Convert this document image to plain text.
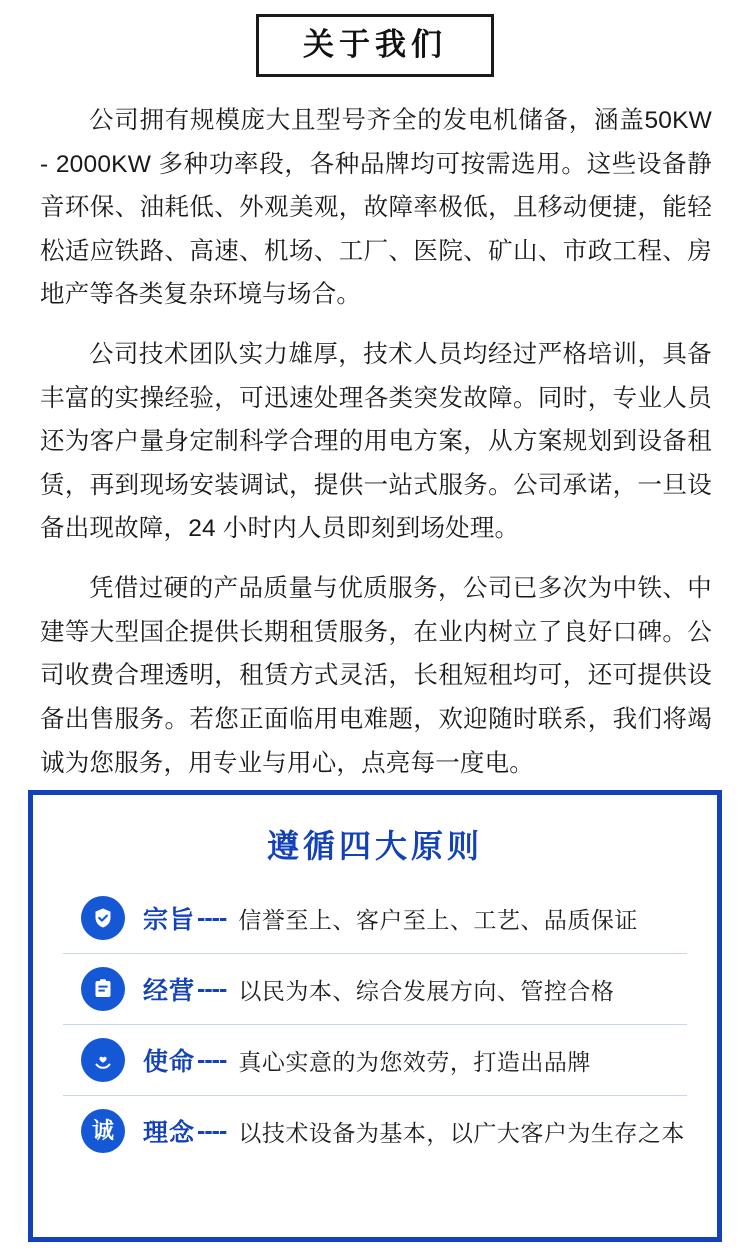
关于我们

公司拥有规模庞大且型号齐全的发电机储备，涵盖50KW - 2000KW 多种功率段，各种品牌均可按需选用。这些设备静音环保、油耗低、外观美观，故障率极低，且移动便捷，能轻松适应铁路、高速、机场、工厂、医院、矿山、市政工程、房地产等各类复杂环境与场合。

公司技术团队实力雄厚，技术人员均经过严格培训，具备丰富的实操经验，可迅速处理各类突发故障。同时，专业人员还为客户量身定制科学合理的用电方案，从方案规划到设备租赁，再到现场安装调试，提供一站式服务。公司承诺，一旦设备出现故障，24 小时内人员即刻到场处理。

凭借过硬的产品质量与优质服务，公司已多次为中铁、中建等大型国企提供长期租赁服务，在业内树立了良好口碑。公司收费合理透明，租赁方式灵活，长租短租均可，还可提供设备出售服务。若您正面临用电难题，欢迎随时联系，我们将竭诚为您服务，用专业与用心，点亮每一度电。

遵循四大原则
宗旨 ---- 信誉至上、客户至上、工艺、品质保证
经营 ---- 以民为本、综合发展方向、管控合格
使命 ---- 真心实意的为您效劳，打造出品牌
诚 理念 ---- 以技术设备为基本，以广大客户为生存之本
